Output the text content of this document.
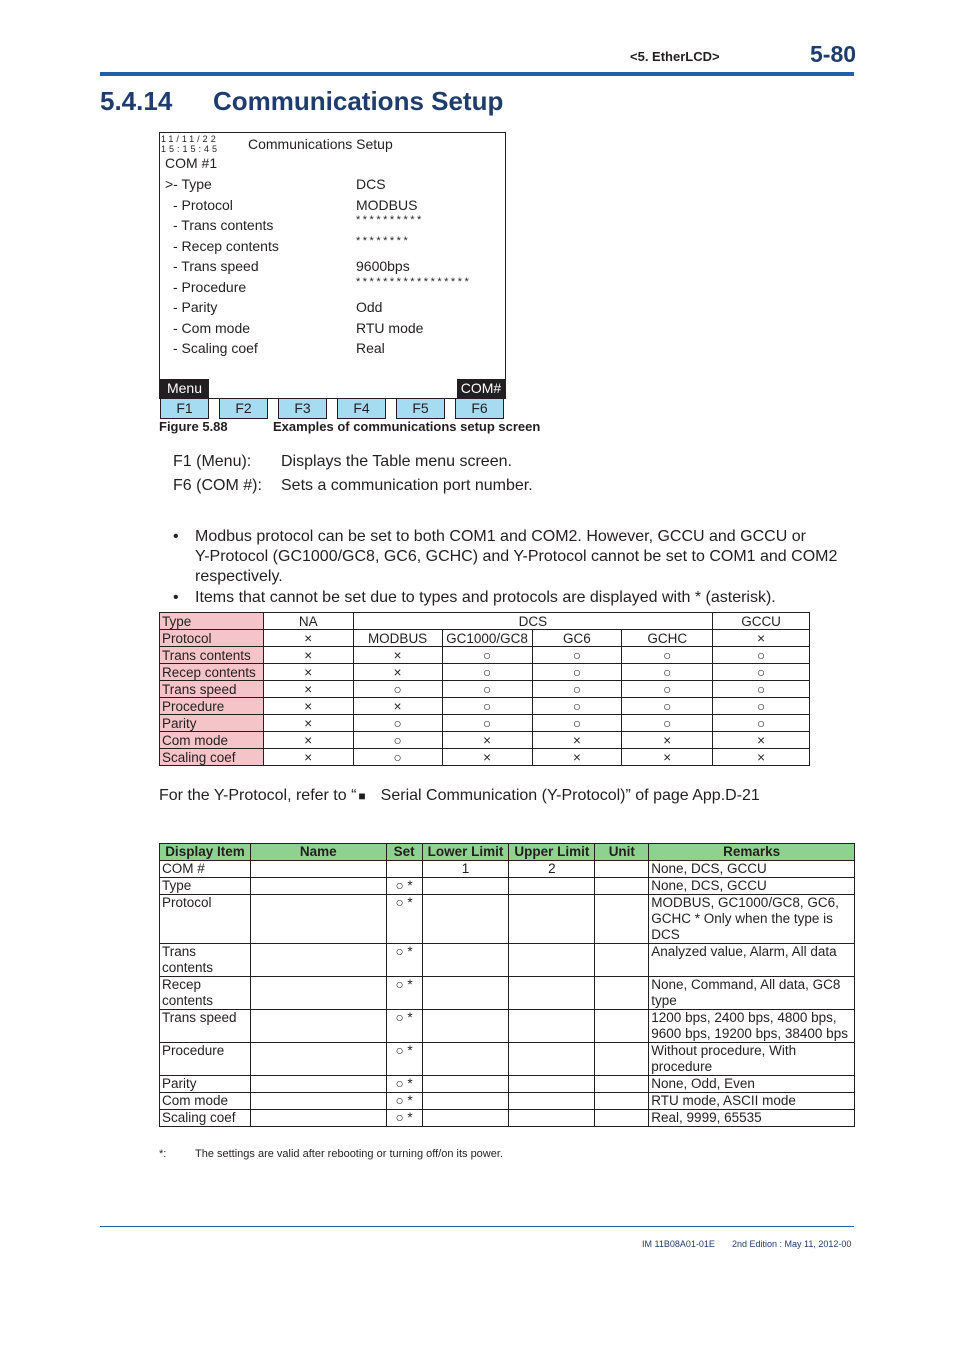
<5. EtherLCD>	5-80
5.4.14 Communications Setup
11/11/22
15:15:45 Communications Setup
COM #1
>- Type	DCS
- Protocol	MODBUS
- Trans contents	**********
- Recep contents	********
- Trans speed	9600bps
- Procedure	*****************
- Parity	Odd
- Com mode	RTU mode
- Scaling coef	Real
Menu	COM#
F1	F2	F3	F4	F5	F6
Figure 5.88	Examples of communications setup screen
F1 (Menu): Displays the Table menu screen.
F6 (COM #): Sets a communication port number.
• Modbus protocol can be set to both COM1 and COM2. However, GCCU and GCCU or
Y-Protocol (GC1000/GC8, GC6, GCHC) and Y-Protocol cannot be set to COM1 and COM2
respectively.
• Items that cannot be set due to types and protocols are displayed with * (asterisk).
Type	NA	DCS				GCCU
Protocol	×	MODBUS	GC1000/GC8	GC6	GCHC	×
Trans contents	×	×	○	○	○	○
Recep contents	×	×	○	○	○	○
Trans speed	×	○	○	○	○	○
Procedure	×	×	○	○	○	○
Parity	×	○	○	○	○	○
Com mode	×	○	×	×	×	×
Scaling coef	×	○	×	×	×	×
For the Y-Protocol, refer to “ ■ Serial Communication (Y-Protocol)” of page App.D-21
Display Item	Name	Set	Lower Limit	Upper Limit	Unit	Remarks
COM #			1	2		None, DCS, GCCU
Type		○ *				None, DCS, GCCU
Protocol		○ *				MODBUS, GC1000/GC8, GC6, GCHC * Only when the type is DCS
Trans contents		○ *				Analyzed value, Alarm, All data
Recep contents		○ *				None, Command, All data, GC8 type
Trans speed		○ *				1200 bps, 2400 bps, 4800 bps, 9600 bps, 19200 bps, 38400 bps
Procedure		○ *				Without procedure, With procedure
Parity		○ *				None, Odd, Even
Com mode		○ *				RTU mode, ASCII mode
Scaling coef		○ *				Real, 9999, 65535
*:	The settings are valid after rebooting or turning off/on its power.
IM 11B08A01-01E 2nd Edition : May 11, 2012-00
